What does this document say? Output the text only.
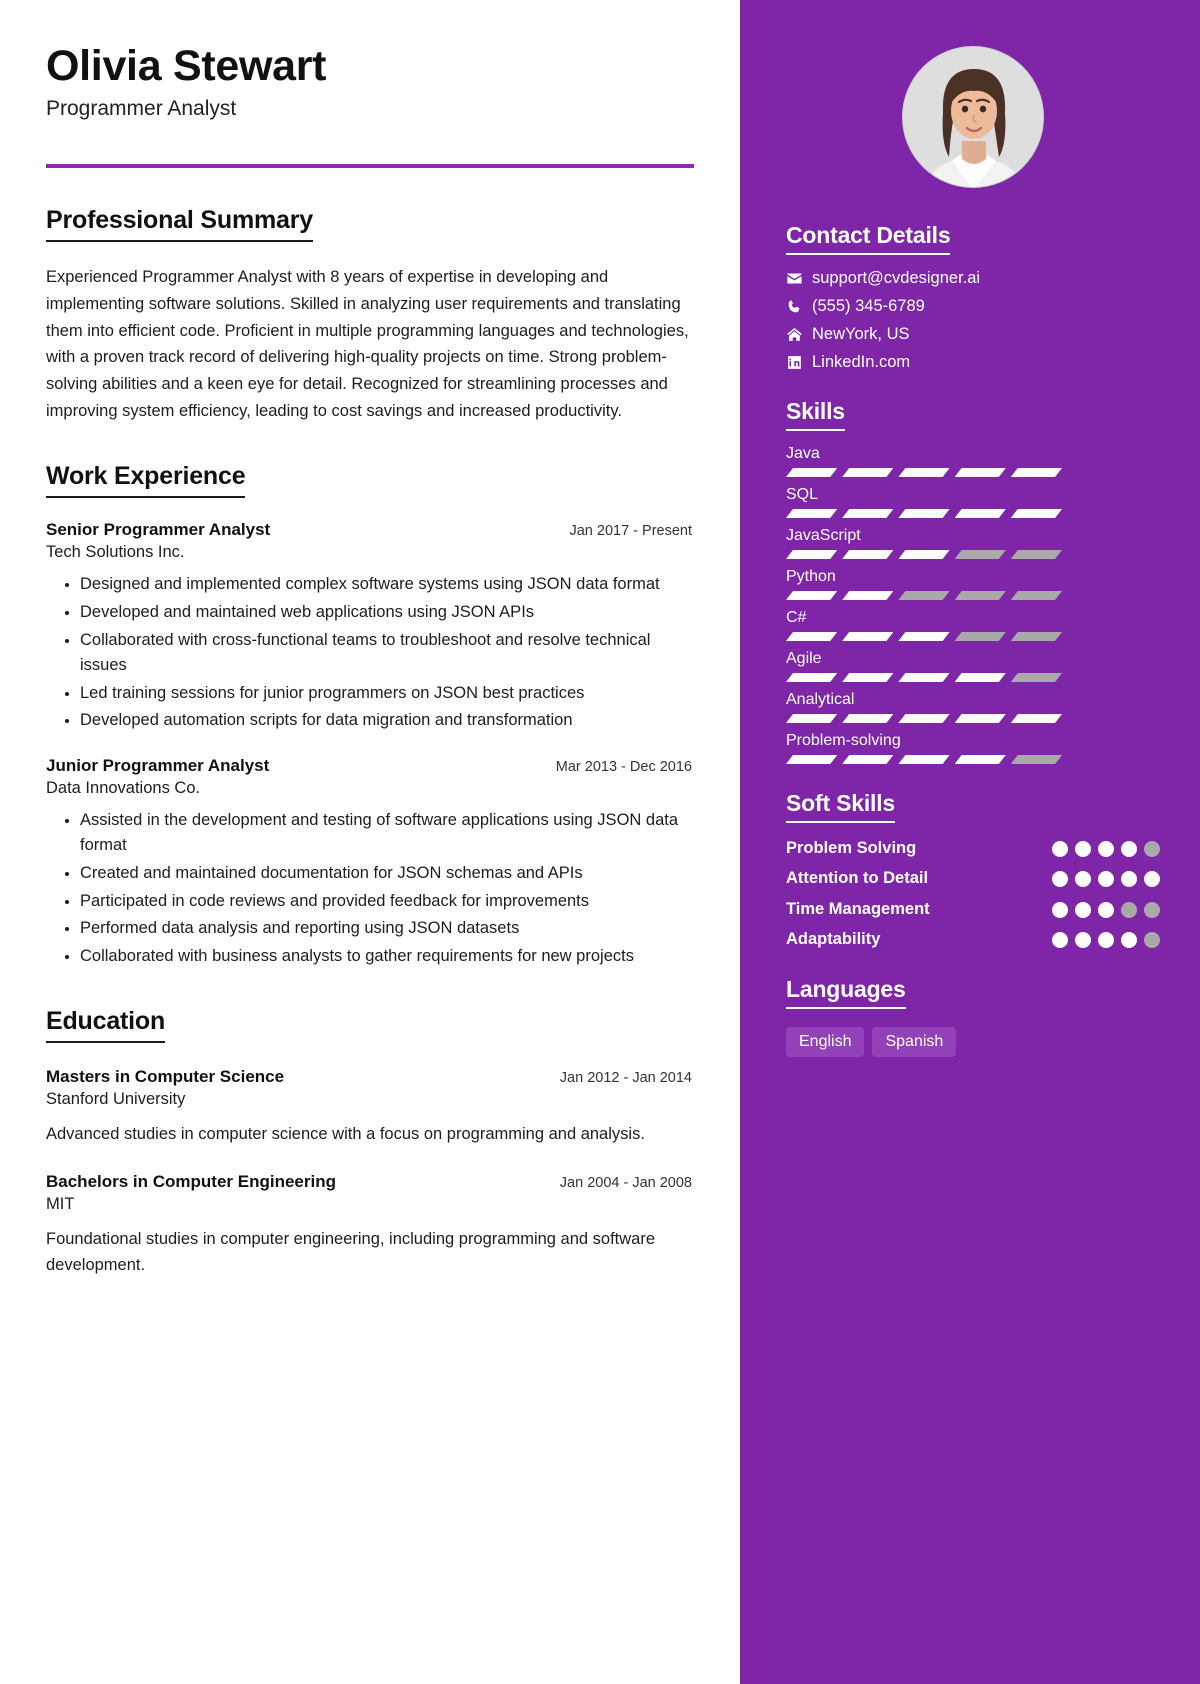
Olivia Stewart
Programmer Analyst
Professional Summary
Experienced Programmer Analyst with 8 years of expertise in developing and implementing software solutions. Skilled in analyzing user requirements and translating them into efficient code. Proficient in multiple programming languages and technologies, with a proven track record of delivering high-quality projects on time. Strong problem-solving abilities and a keen eye for detail. Recognized for streamlining processes and improving system efficiency, leading to cost savings and increased productivity.
Work Experience
Senior Programmer Analyst	Jan 2017 - Present
Tech Solutions Inc.
• Designed and implemented complex software systems using JSON data format
• Developed and maintained web applications using JSON APIs
• Collaborated with cross-functional teams to troubleshoot and resolve technical issues
• Led training sessions for junior programmers on JSON best practices
• Developed automation scripts for data migration and transformation
Junior Programmer Analyst	Mar 2013 - Dec 2016
Data Innovations Co.
• Assisted in the development and testing of software applications using JSON data format
• Created and maintained documentation for JSON schemas and APIs
• Participated in code reviews and provided feedback for improvements
• Performed data analysis and reporting using JSON datasets
• Collaborated with business analysts to gather requirements for new projects
Education
Masters in Computer Science	Jan 2012 - Jan 2014
Stanford University
Advanced studies in computer science with a focus on programming and analysis.
Bachelors in Computer Engineering	Jan 2004 - Jan 2008
MIT
Foundational studies in computer engineering, including programming and software development.
Contact Details
support@cvdesigner.ai
(555) 345-6789
NewYork, US
LinkedIn.com
Skills
Java
SQL
JavaScript
Python
C#
Agile
Analytical
Problem-solving
Soft Skills
Problem Solving
Attention to Detail
Time Management
Adaptability
Languages
English	Spanish
